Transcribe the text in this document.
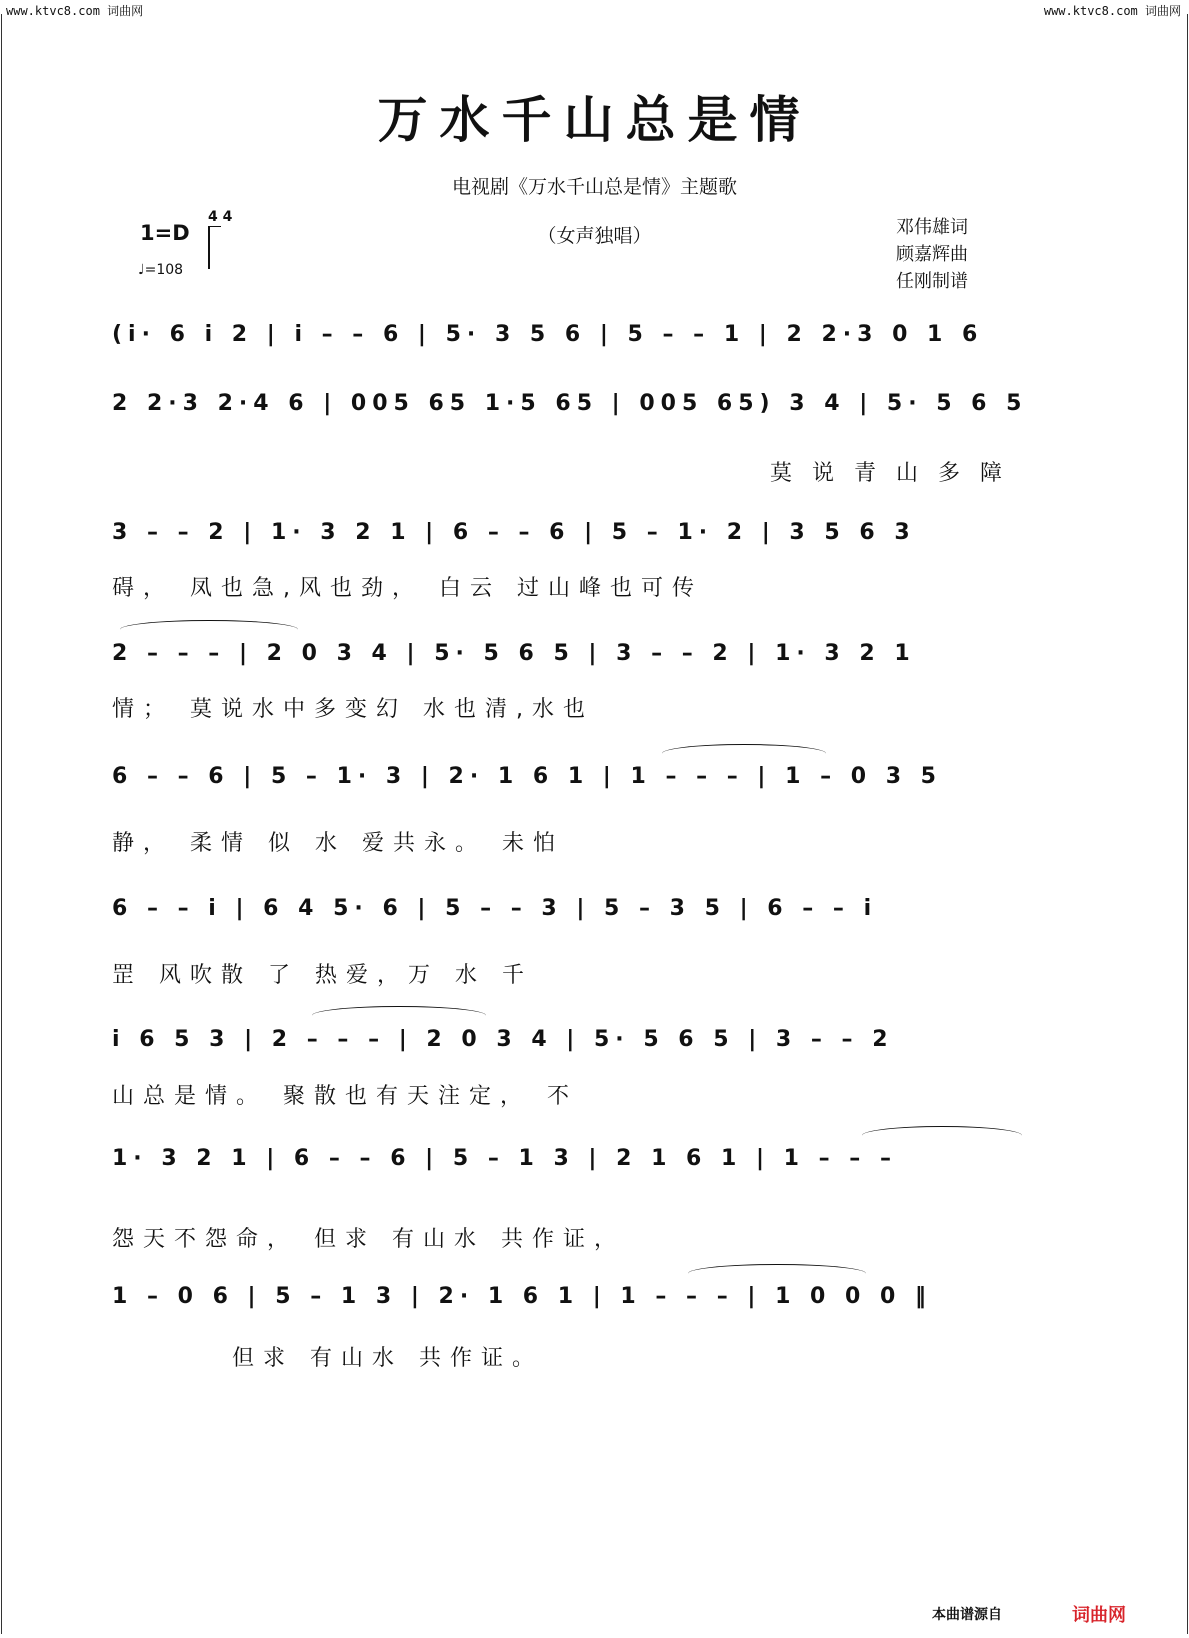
www.ktvc8.com 词曲网	www.ktvc8.com 词曲网
万水千山总是情
电视剧《万水千山总是情》主题歌
（女声独唱）
1=D
4 4
♩=108
邓伟雄词
顾嘉辉曲
任刚制谱
(i· 6 i 2 | i – – 6 | 5· 3 5 6 | 5 – – 1 | 2 2·3 0 1 6
2 2·3 2·4 6 | 005 65 1·5 65 | 005 65) 3 4 | 5· 5 6 5
莫说青山多障
3 – – 2 | 1· 3 2 1 | 6 – – 6 | 5 – 1· 2 | 3 5 6 3
碍， 凤也急,风也劲， 白云 过山峰也可传
2 – – – | 2 0 3 4 | 5· 5 6 5 | 3 – – 2 | 1· 3 2 1
情； 莫说水中多变幻 水也清,水也
6 – – 6 | 5 – 1· 3 | 2· 1 6 1 | 1 – – – | 1 – 0 3 5
静， 柔情 似 水 爱共永。 未怕
6 – – i | 6 4 5· 6 | 5 – – 3 | 5 – 3 5 | 6 – – i
罡 风吹散 了 热爱，万 水 千
i 6 5 3 | 2 – – – | 2 0 3 4 | 5· 5 6 5 | 3 – – 2
山总是情。 聚散也有天注定， 不
1· 3 2 1 | 6 – – 6 | 5 – 1 3 | 2 1 6 1 | 1 – – –
怨天不怨命， 但求 有山水 共作证，
1 – 0 6 | 5 – 1 3 | 2· 1 6 1 | 1 – – – | 1 0 0 0 ‖
但求 有山水 共作证。
本曲谱源自	词曲网
